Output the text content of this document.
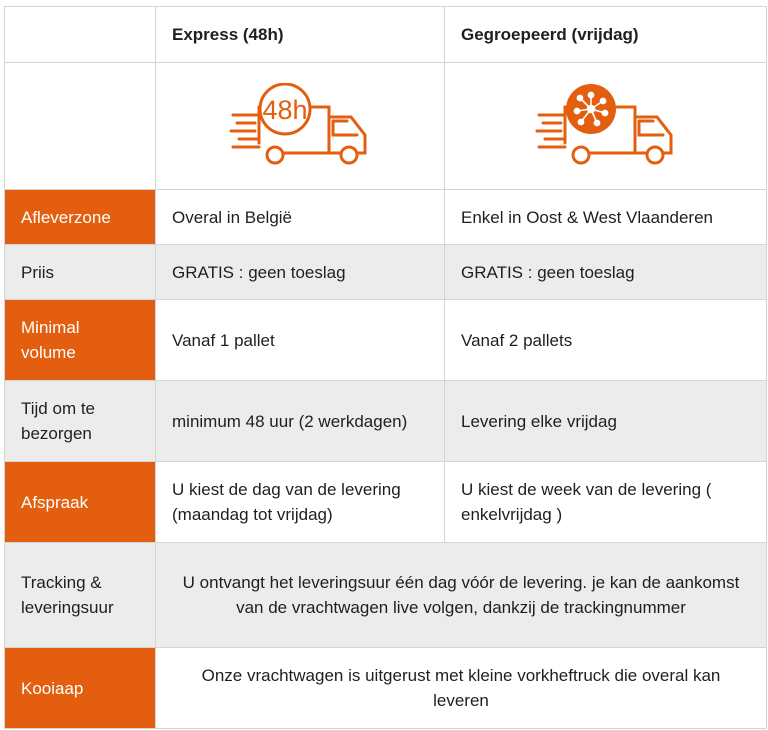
	Express (48h)	Gegroepeerd (vrijdag)

48h

Afleverzone	Overal in België	Enkel in Oost & West Vlaanderen
Priis	GRATIS : geen toeslag	GRATIS : geen toeslag
Minimal volume	Vanaf 1 pallet	Vanaf 2 pallets
Tijd om te bezorgen	minimum 48 uur (2 werkdagen)	Levering elke vrijdag
Afspraak	U kiest de dag van de levering (maandag tot vrijdag)	U kiest de week van de levering ( enkelvrijdag )
Tracking & leveringsuur	U ontvangt het leveringsuur één dag vóór de levering. je kan de aankomst van de vrachtwagen live volgen, dankzij de trackingnummer	
Kooiaap	Onze vrachtwagen is uitgerust met kleine vorkheftruck die overal kan leveren	
